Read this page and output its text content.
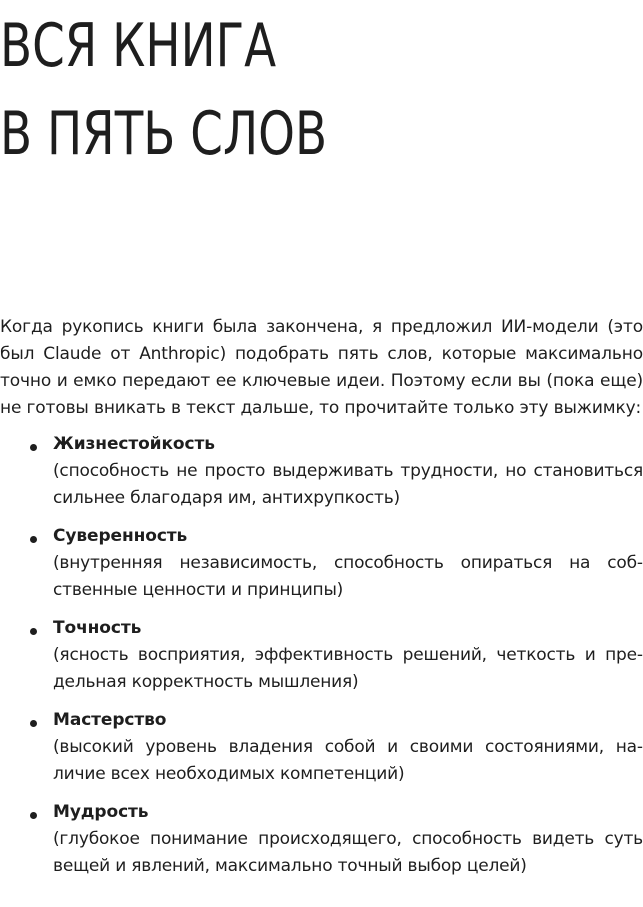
ВСЯ КНИГА
В ПЯТЬ СЛОВ

Когда рукопись книги была закончена, я предложил ИИ-модели (это был Claude от Anthropic) подобрать пять слов, которые максимально точно и емко передают ее ключевые идеи. Поэтому если вы (пока еще) не готовы вникать в текст дальше, то прочитайте только эту выжимку:

Жизнестойкость
(способность не просто выдерживать трудности, но становиться сильнее благодаря им, антихрупкость)
Суверенность
(внутренняя независимость, способность опираться на собственные ценности и принципы)
Точность
(ясность восприятия, эффективность решений, четкость и предельная корректность мышления)
Мастерство
(высокий уровень владения собой и своими состояниями, наличие всех необходимых компетенций)
Мудрость
(глубокое понимание происходящего, способность видеть суть вещей и явлений, максимально точный выбор целей)
